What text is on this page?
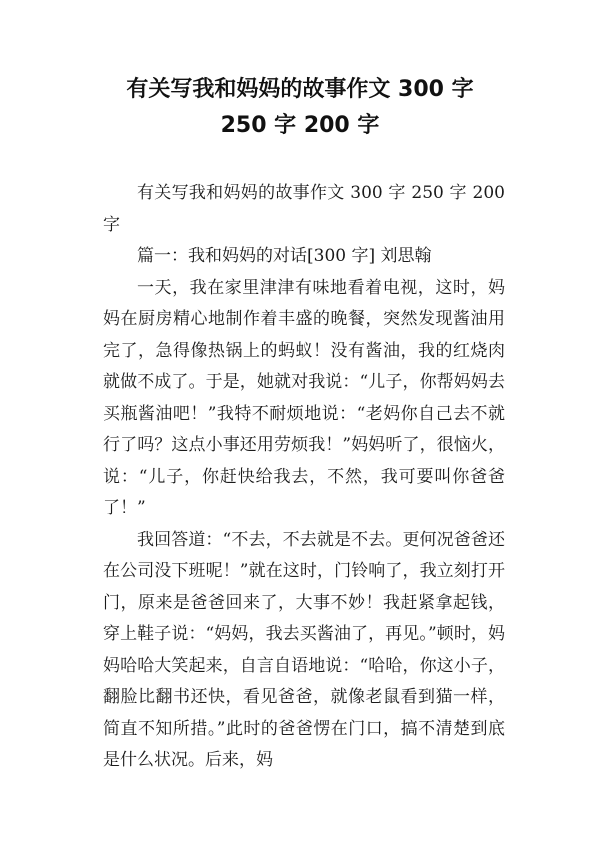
有关写我和妈妈的故事作文 300 字
250 字 200 字

有关写我和妈妈的故事作文 300 字 250 字 200 字

篇一：我和妈妈的对话[300 字] 刘思翰

一天，我在家里津津有味地看着电视，这时，妈妈在厨房精心地制作着丰盛的晚餐，突然发现酱油用完了，急得像热锅上的蚂蚁！没有酱油，我的红烧肉就做不成了。于是，她就对我说：“儿子，你帮妈妈去买瓶酱油吧！”我特不耐烦地说：“老妈你自己去不就行了吗？这点小事还用劳烦我！”妈妈听了，很恼火，说：“儿子，你赶快给我去，不然，我可要叫你爸爸了！”

我回答道：“不去，不去就是不去。更何况爸爸还在公司没下班呢！”就在这时，门铃响了，我立刻打开门，原来是爸爸回来了，大事不妙！我赶紧拿起钱，穿上鞋子说：“妈妈，我去买酱油了，再见。”顿时，妈妈哈哈大笑起来，自言自语地说：“哈哈，你这小子，翻脸比翻书还快，看见爸爸，就像老鼠看到猫一样，简直不知所措。”此时的爸爸愣在门口，搞不清楚到底是什么状况。后来，妈
